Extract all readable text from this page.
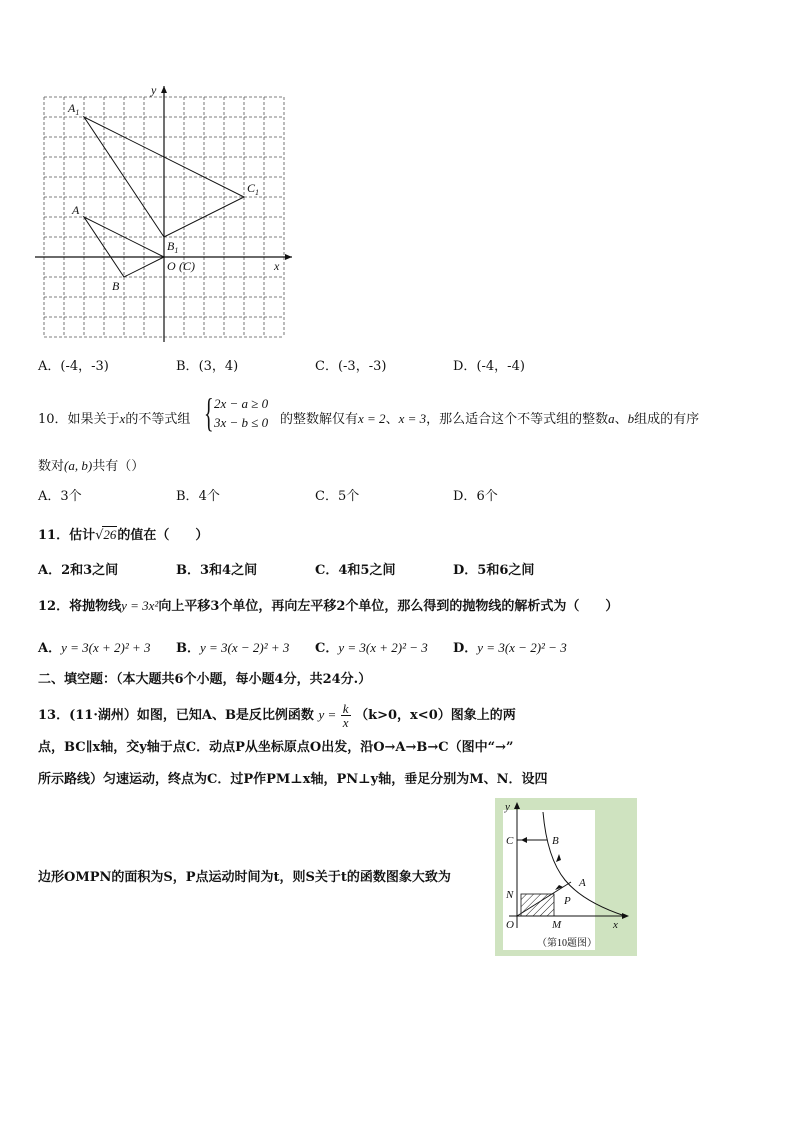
$A_1$
A
B
$B_1$
$C_1$
O (C)	x
y
A．(-4，-3)	B．(3，4)	C．(-3，-3)	D．(-4，-4)
10．如果关于x的不等式组 { 2x − a ≥ 0
3x − b ≤ 0 的整数解仅有x = 2、x = 3，那么适合这个不等式组的整数a、b组成的有序
数对(a, b)共有（）
A．3个	B．4个	C．5个	D．6个
11．估计√26的值在（　　）
A．2和3之间	B．3和4之间	C．4和5之间	D．5和6之间
12．将抛物线y = 3x²向上平移3个单位，再向左平移2个单位，那么得到的抛物线的解析式为（　　）
A．y = 3(x + 2)² + 3 B．y = 3(x − 2)² + 3 C．y = 3(x + 2)² − 3 D．y = 3(x − 2)² − 3
二、填空题：（本大题共6个小题，每小题4分，共24分.）
13．(11·湖州）如图，已知A、B是反比例函数 $y = \frac{k}{x} (k>0$，x<0）图象上的两
点，BC∥x轴，交y轴于点C．动点P从坐标原点O出发，沿O→A→B→C（图中“→”
所示路线）匀速运动，终点为C．过P作PM⊥x轴，PN⊥y轴，垂足分别为M、N．设四
边形OMPN的面积为S，P点运动时间为t，则S关于t的函数图象大致为
y
x
O
C	B
A
N
M
P
（第10题图）
